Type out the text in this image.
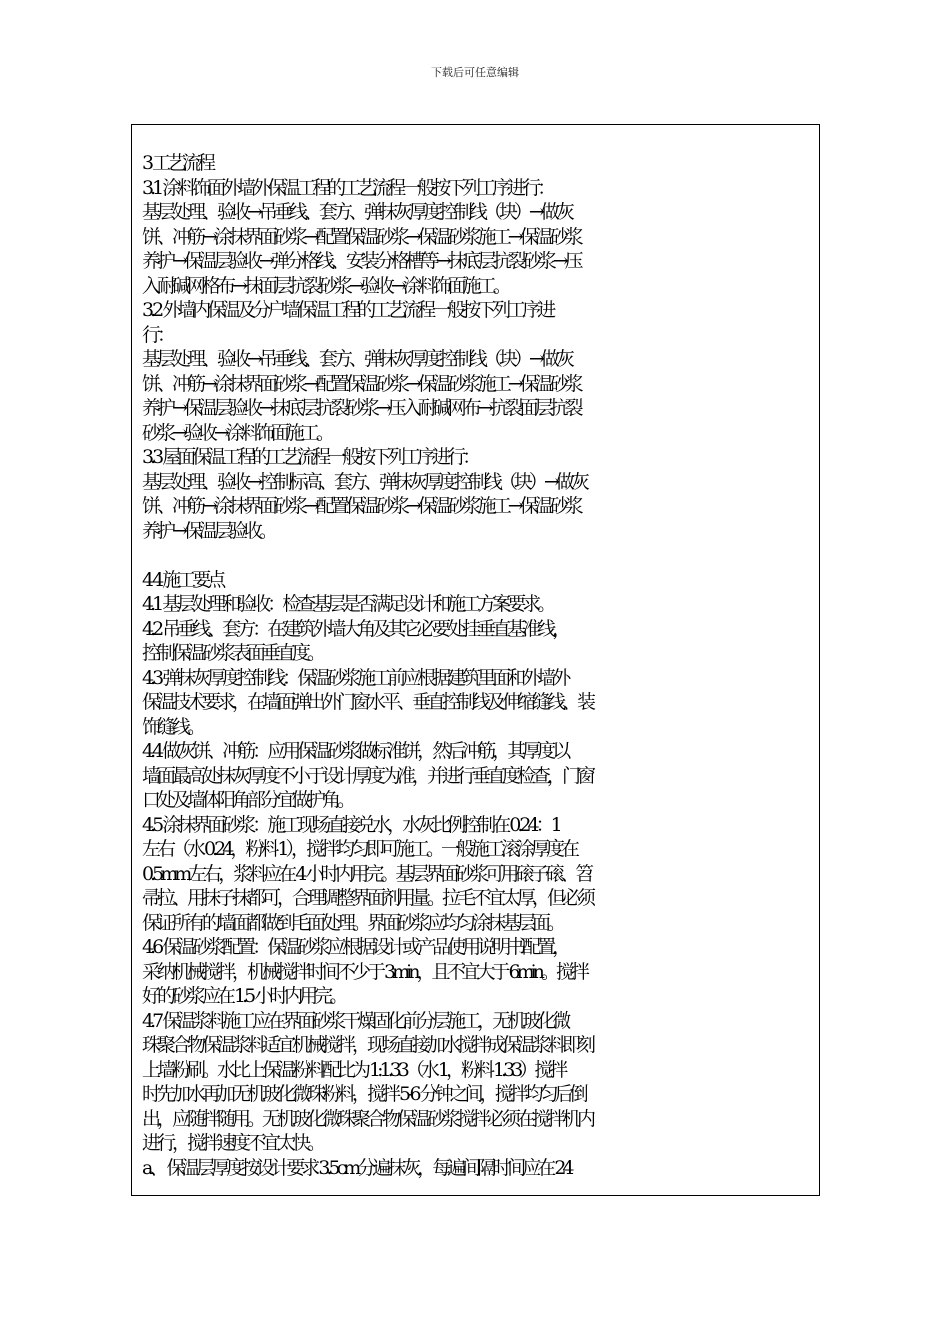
下载后可任意编辑
3 工艺流程
3.1 涂料饰面外墙外保温工程的工艺流程一般按下列工序进行：
基层处理、验收→吊垂线、套方、弹抹灰厚度控制线（块）→做灰
饼、冲筋→涂抹界面砂浆→配置保温砂浆→保温砂浆施工→保温砂浆
养护→保温层验收→弹分格线、安装分格槽等→抹底层抗裂砂浆→压
入耐碱网格布→抹面层抗裂砂浆→验收→涂料饰面施工。
3.2 外墙内保温及分户墙保温工程的工艺流程一般按下列工序进
行：
基层处理、验收→吊垂线、套方、弹抹灰厚度控制线（块）→做灰
饼、冲筋→涂抹界面砂浆→配置保温砂浆→保温砂浆施工→保温砂浆
养护→保温层验收→抹底层抗裂砂浆→压入耐碱网布→抗裂面层抗裂
砂浆→验收→涂料饰面施工。
3.3 屋面保温工程的工艺流程一般按下列工序进行：
基层处理、验收→控制标高、套方、弹抹灰厚度控制线（块）→做灰
饼、冲筋→涂抹界面砂浆→配置保温砂浆→保温砂浆施工→保温砂浆
养护→保温层验收。
4 4 施工要点
4.1 基层处理和验收：检查基层是否满足设计和施工方案要求。
4.2 吊垂线、套方：在建筑外墙大角及其它必要处挂垂直基准线，
控制保温砂浆表面垂直度。
4.3 弹抹灰厚度控制线：保温砂浆施工前应根据建筑里面和外墙外
保温技术要求，在墙面弹出外门窗水平、垂直控制线及伸缩缝线、装
饰缝线。
4.4 做灰饼、冲筋：应用保温砂浆做标准饼，然后冲筋，其厚度以
墙面最高处抹灰厚度不小于设计厚度为准，并进行垂直度检查，门窗
口处及墙体阳角部分宜做护角。
4.5 涂抹界面砂浆：施工现场直接兑水，水灰比例控制在 0.24：1
左右（水 0.24，粉料 1），搅拌均匀即可施工。一般施工滚涂厚度在
0.5mm左右，浆料应在 4 小时内用完。基层界面砂浆可用磙子磙、笤
帚拉、用抹子抹都可，合理调整界面剂用量。拉毛不宜太厚，但必须
保证所有的墙面都做到毛面处理。界面砂浆应均匀涂抹基层面。
4.6 保温砂浆配置：保温砂浆应根据设计或产品使用说明书配置，
采纳机械搅拌，机械搅拌时间不少于 3min，且不宜大于 6min。搅拌
好的砂浆应在 1.5 小时内用完。
4.7 保温浆料施工应在界面砂浆干燥固化前分层施工，无机玻化微
珠聚合物保温浆料适宜机械搅拌，现场直接加水搅拌成保温浆料即刻
上墙粉刷。水比上保温粉料配比为 1:1.33（水 1，粉料 1.33）搅拌
时先加水再加无机玻化微珠粉料，搅拌 5-6 分钟之间，搅拌均匀后倒
出，应随拌随用。无机玻化微珠聚合物保温砂浆搅拌必须在搅拌机内
进行，搅拌速度不宜太快。
a、 保温层厚度按设计要求 3.5cm分遍抹灰，每遍间隔时间应在 24
